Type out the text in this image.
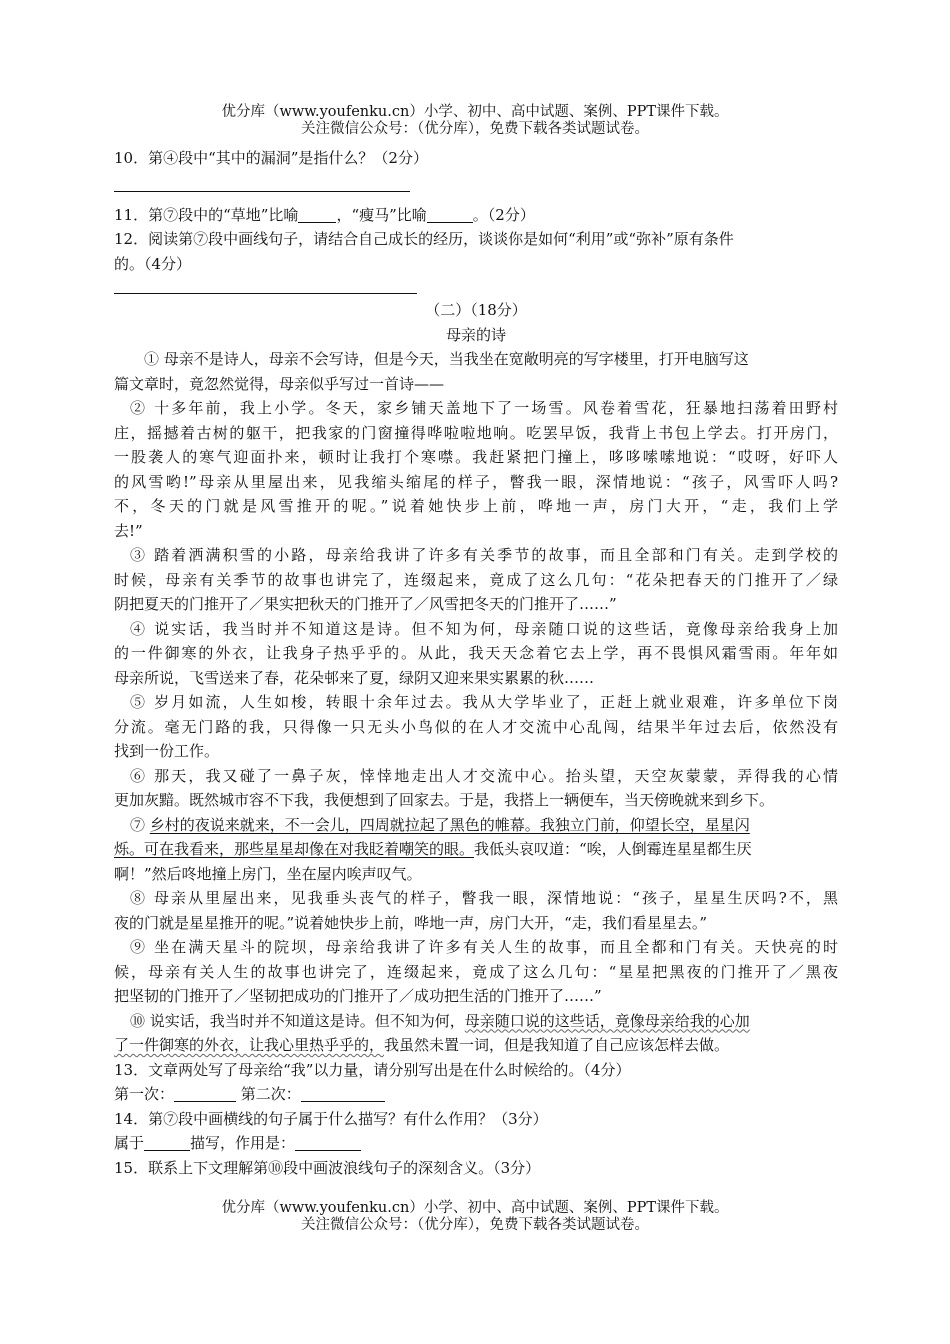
优分库（www.youfenku.cn）小学、初中、高中试题、案例、PPT课件下载。
关注微信公众号：（优分库），免费下载各类试题试卷。
10．第④段中“其中的漏洞”是指什么？（2分）
11．第⑦段中的“草地”比喻	，“瘦马”比喻	。（2分）
12．阅读第⑦段中画线句子，请结合自己成长的经历，谈谈你是如何“利用”或“弥补”原有条件
的。（4分）
（二）（18分）
母亲的诗
① 母亲不是诗人，母亲不会写诗，但是今天，当我坐在宽敞明亮的写字楼里，打开电脑写这
篇文章时，竟忽然觉得，母亲似乎写过一首诗——
② 十多年前，我上小学。冬天，家乡铺天盖地下了一场雪。风卷着雪花，狂暴地扫荡着田野村
庄，摇撼着古树的躯干，把我家的门窗撞得哗啦啦地响。吃罢早饭，我背上书包上学去。打开房门，
一股袭人的寒气迎面扑来，顿时让我打个寒噤。我赶紧把门撞上，哆哆嗦嗦地说：“哎呀，好吓人
的风雪哟!”母亲从里屋出来，见我缩头缩尾的样子，瞥我一眼，深情地说：“孩子，风雪吓人吗?
不，冬天的门就是风雪推开的呢。”说着她快步上前，哗地一声，房门大开，“走，我们上学
去!”
③ 踏着洒满积雪的小路，母亲给我讲了许多有关季节的故事，而且全部和门有关。走到学校的
时候，母亲有关季节的故事也讲完了，连缀起来，竟成了这么几句：“花朵把春天的门推开了／绿
阴把夏天的门推开了／果实把秋天的门推开了／风雪把冬天的门推开了……”
④ 说实话，我当时并不知道这是诗。但不知为何，母亲随口说的这些话，竟像母亲给我身上加
的一件御寒的外衣，让我身子热乎乎的。从此，我天天念着它去上学，再不畏惧风霜雪雨。年年如
母亲所说，飞雪送来了春，花朵邨来了夏，绿阴又迎来果实累累的秋……
⑤ 岁月如流，人生如梭，转眼十余年过去。我从大学毕业了，正赶上就业艰难，许多单位下岗
分流。毫无门路的我，只得像一只无头小鸟似的在人才交流中心乱闯，结果半年过去后，依然没有
找到一份工作。
⑥ 那天，我又碰了一鼻子灰，悻悻地走出人才交流中心。抬头望，天空灰蒙蒙，弄得我的心情
更加灰黯。既然城市容不下我，我便想到了回家去。于是，我搭上一辆便车，当天傍晚就来到乡下。
⑦ 乡村的夜说来就来，不一会儿，四周就拉起了黑色的帷幕。我独立门前，仰望长空，星星闪
烁。可在我看来，那些星星却像在对我眨着嘲笑的眼。我低头哀叹道：“唉，人倒霉连星星都生厌
啊！”然后咚地撞上房门，坐在屋内唉声叹气。
⑧ 母亲从里屋出来，见我垂头丧气的样子，瞥我一眼，深情地说：“孩子，星星生厌吗?不，黑
夜的门就是星星推开的呢。”说着她快步上前，哗地一声，房门大开，“走，我们看星星去。”
⑨ 坐在满天星斗的院坝，母亲给我讲了许多有关人生的故事，而且全都和门有关。天快亮的时
候，母亲有关人生的故事也讲完了，连缀起来，竟成了这么几句：“星星把黑夜的门推开了／黑夜
把坚韧的门推开了／坚韧把成功的门推开了／成功把生活的门推开了……”
⑩ 说实话，我当时并不知道这是诗。但不知为何，母亲随口说的这些话，竟像母亲给我的心加
了一件御寒的外衣，让我心里热乎乎的，我虽然未置一词，但是我知道了自己应该怎样去做。
13．文章两处写了母亲给“我”以力量，请分别写出是在什么时候给的。（4分）
第一次：	第二次：
14．第⑦段中画横线的句子属于什么描写？有什么作用？（3分）
属于	描写，作用是：
15．联系上下文理解第⑩段中画波浪线句子的深刻含义。（3分）
优分库（www.youfenku.cn）小学、初中、高中试题、案例、PPT课件下载。
关注微信公众号：（优分库），免费下载各类试题试卷。
